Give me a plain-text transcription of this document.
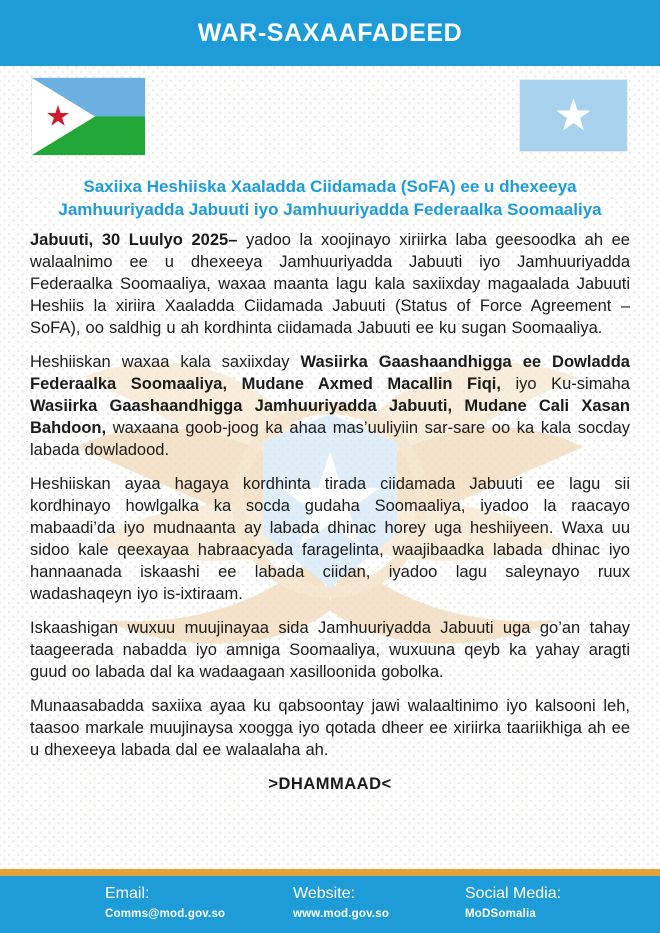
WAR-SAXAAFADEED
Saxiixa Heshiiska Xaaladda Ciidamada (SoFA) ee u dhexeeya
Jamhuuriyadda Jabuuti iyo Jamhuuriyadda Federaalka Soomaaliya

Jabuuti, 30 Luulyo 2025– yadoo la xoojinayo xiriirka laba geesoodka ah ee walaalnimo ee u dhexeeya Jamhuuriyadda Jabuuti iyo Jamhuuriyadda Federaalka Soomaaliya, waxaa maanta lagu kala saxiixday magaalada Jabuuti Heshiis la xiriira Xaaladda Ciidamada Jabuuti (Status of Force Agreement – SoFA), oo saldhig u ah kordhinta ciidamada Jabuuti ee ku sugan Soomaaliya.

Heshiiskan waxaa kala saxiixday Wasiirka Gaashaandhigga ee Dowladda Federaalka Soomaaliya, Mudane Axmed Macallin Fiqi, iyo Ku-simaha Wasiirka Gaashaandhigga Jamhuuriyadda Jabuuti, Mudane Cali Xasan Bahdoon, waxaana goob-joog ka ahaa mas’uuliyiin sar-sare oo ka kala socday labada dowladood.

Heshiiskan ayaa hagaya kordhinta tirada ciidamada Jabuuti ee lagu sii kordhinayo howlgalka ka socda gudaha Soomaaliya, iyadoo la raacayo mabaadi’da iyo mudnaanta ay labada dhinac horey uga heshiiyeen. Waxa uu sidoo kale qeexayaa habraacyada faragelinta, waajibaadka labada dhinac iyo hannaanada iskaashi ee labada ciidan, iyadoo lagu saleynayo ruux wadashaqeyn iyo is-ixtiraam.

Iskaashigan wuxuu muujinayaa sida Jamhuuriyadda Jabuuti uga go’an tahay taageerada nabadda iyo amniga Soomaaliya, wuxuuna qeyb ka yahay aragti guud oo labada dal ka wadaagaan xasilloonida gobolka.

Munaasabadda saxiixa ayaa ku qabsoontay jawi walaaltinimo iyo kalsooni leh, taasoo markale muujinaysa xoogga iyo qotada dheer ee xiriirka taariikhiga ah ee u dhexeeya labada dal ee walaalaha ah.

>DHAMMAAD<

Email:
Comms@mod.gov.so
Website:
www.mod.gov.so
Social Media:
MoDSomalia
